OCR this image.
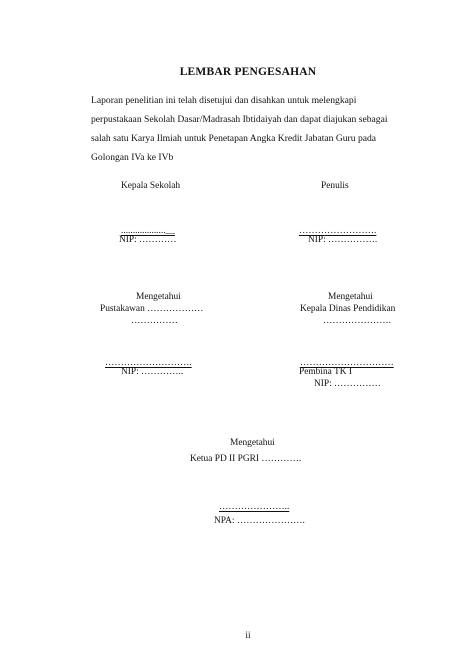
LEMBAR PENGESAHAN
Laporan penelitian ini telah disetujui dan disahkan untuk melengkapi
perpustakaan Sekolah Dasar/Madrasah Ibtidaiyah dan dapat diajukan sebagai
salah satu Karya Ilmiah untuk Penetapan Angka Kredit Jabatan Guru pada
Golongan IVa ke IVb
Kepala Sekolah
...................__
NIP: …………
Penulis
…………………….
NIP: …………….
Mengetahui
Pustakawan ………………
……………
……………………….
NIP: …………..
Mengetahui
Kepala Dinas Pendidikan
………………….
…………………………
Pembina TK I
NIP: ……………
Mengetahui
Ketua PD II PGRI ………….
…………………..
NPA: ………………….
ii
